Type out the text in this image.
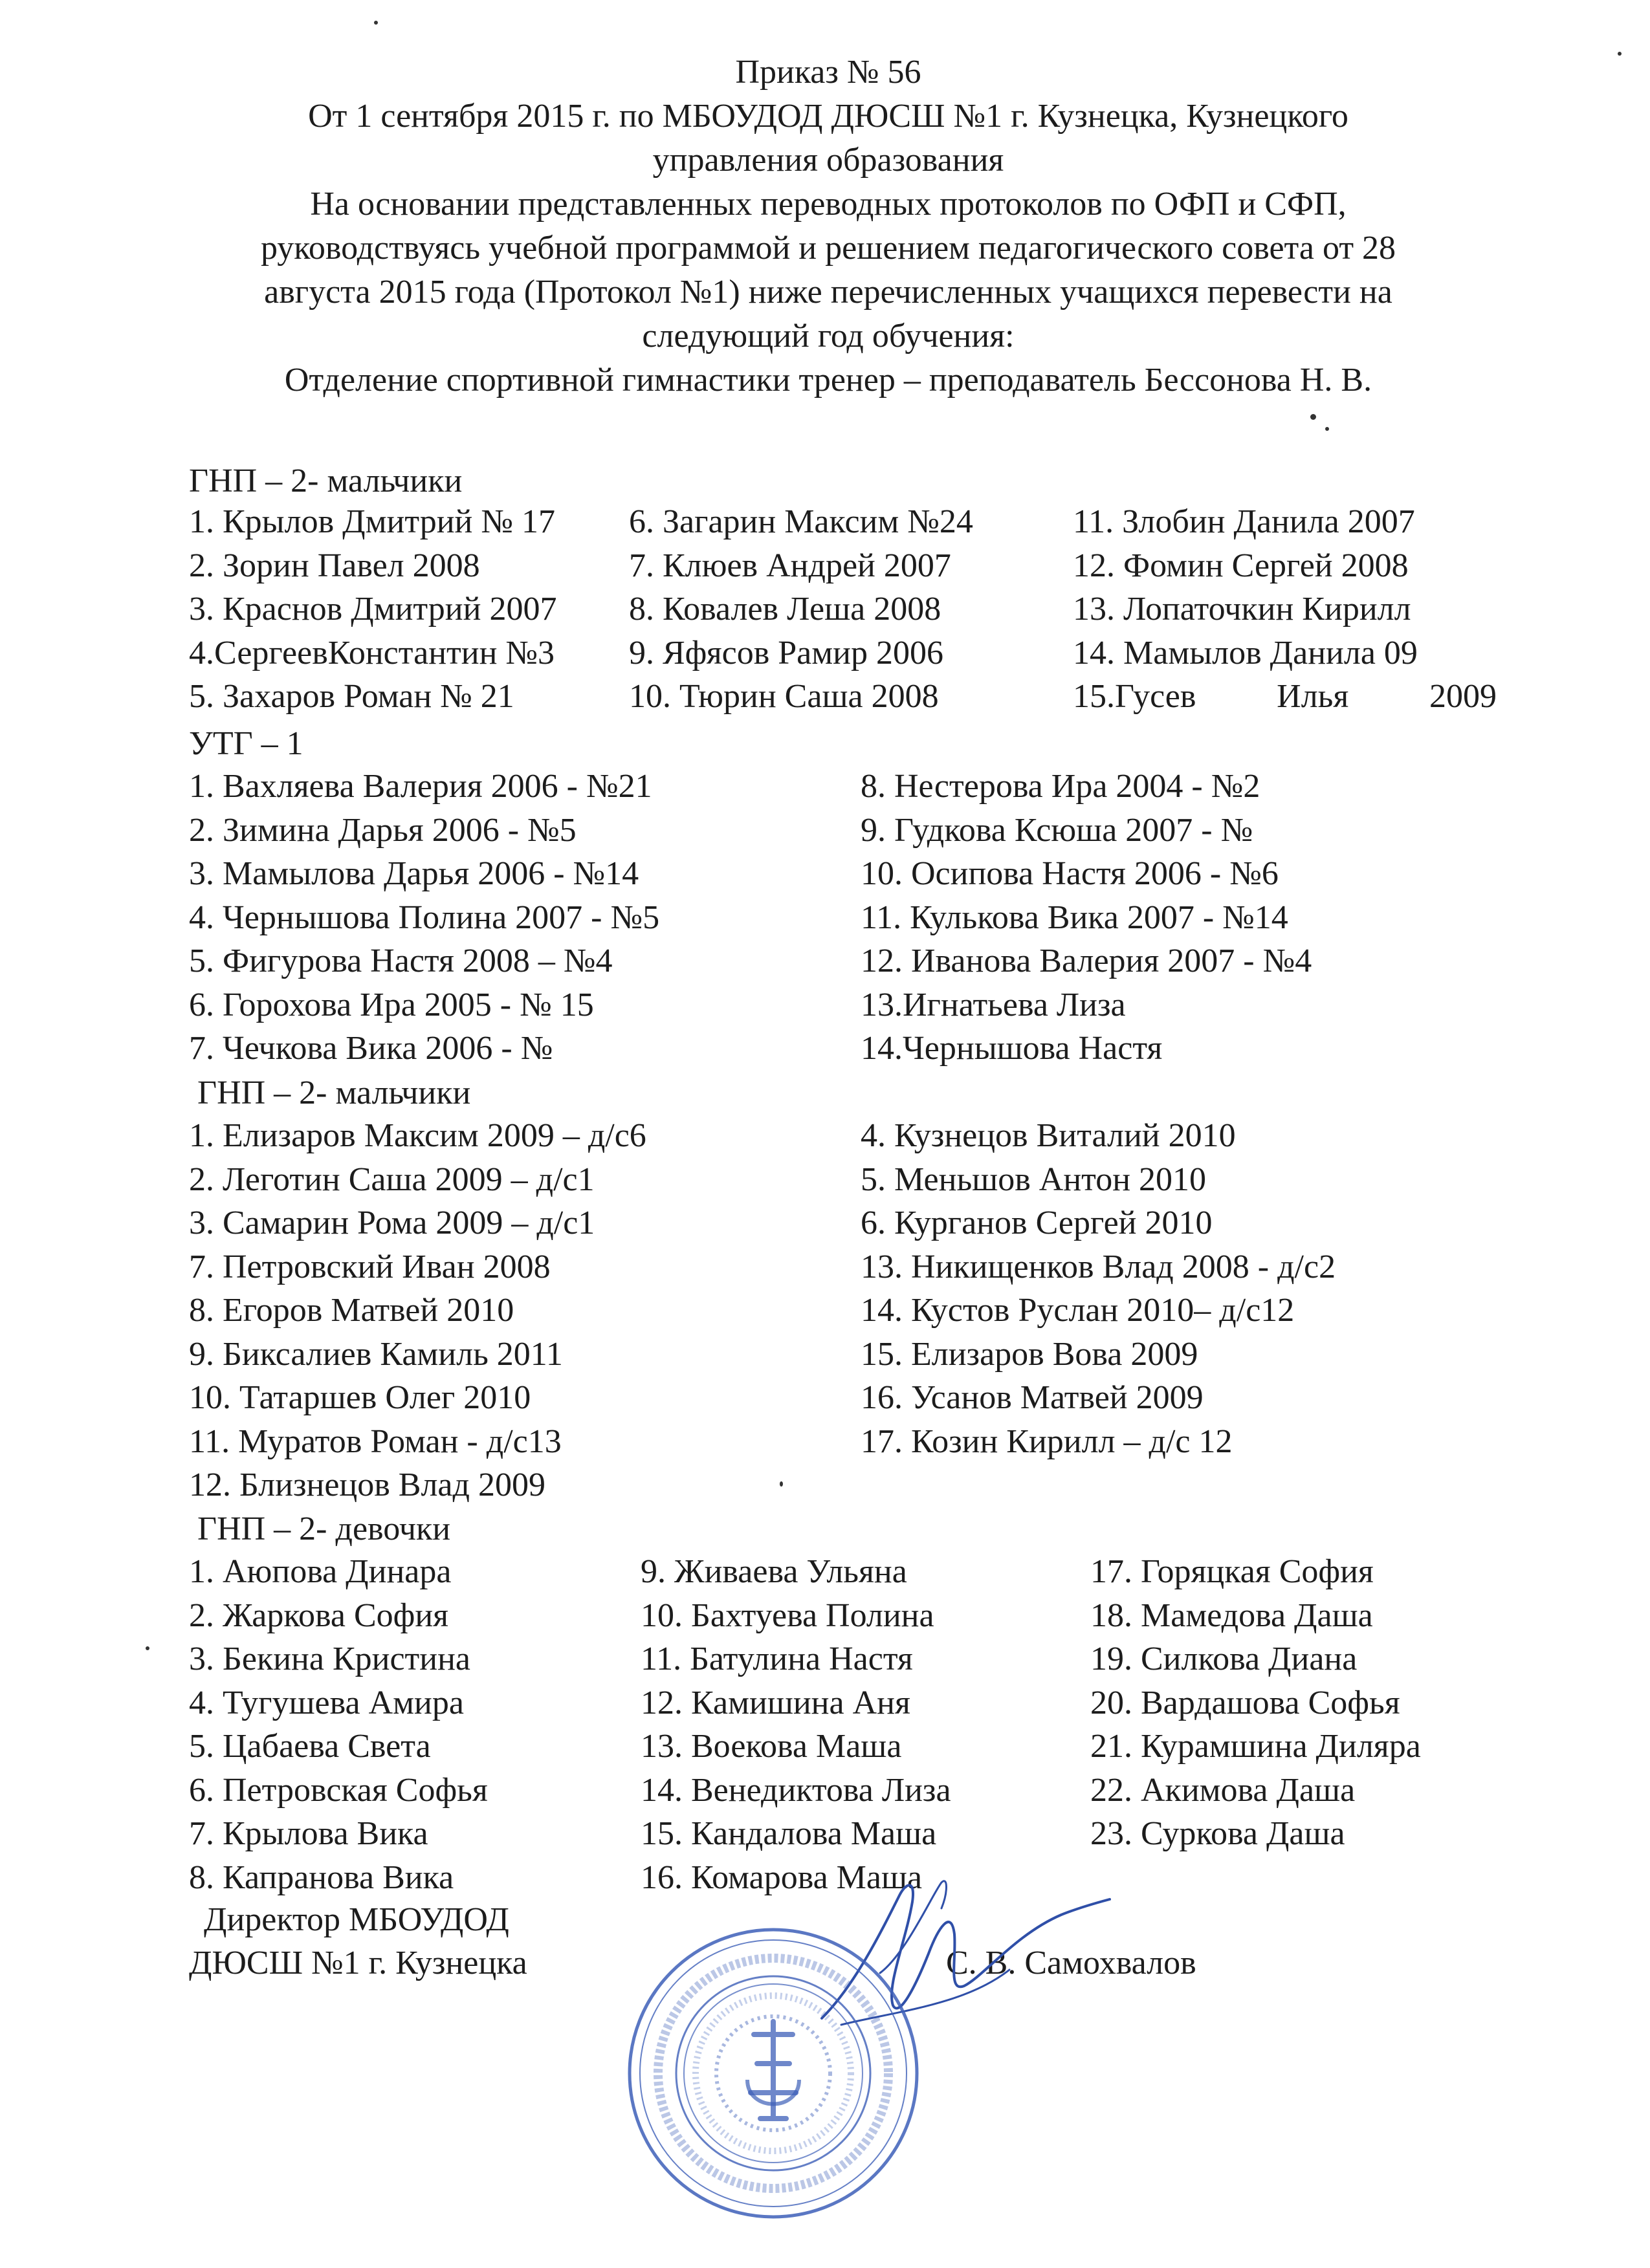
Приказ № 56
От 1 сентября 2015 г. по МБОУДОД ДЮСШ №1 г. Кузнецка, Кузнецкого
управления образования
На основании представленных переводных протоколов по ОФП и СФП,
руководствуясь учебной программой и решением педагогического совета от 28
августа 2015 года (Протокол №1) ниже перечисленных учащихся перевести на
следующий год обучения:
Отделение спортивной гимнастики тренер – преподаватель Бессонова Н. В.
ГНП – 2- мальчики
1. Крылов Дмитрий № 17
2. Зорин Павел 2008
3. Краснов Дмитрий 2007
4.СергеевКонстантин №3
5. Захаров Роман № 21
6. Загарин Максим №24
7. Клюев Андрей 2007
8. Ковалев Леша 2008
9. Яфясов Рамир 2006
10. Тюрин Саша 2008
11. Злобин Данила 2007
12. Фомин Сергей 2008
13. Лопаточкин Кирилл
14. Мамылов Данила 09
15.Гусев Илья 2009
УТГ – 1
1. Вахляева Валерия 2006 - №21
2. Зимина Дарья 2006 - №5
3. Мамылова Дарья 2006 - №14
4. Чернышова Полина 2007 - №5
5. Фигурова Настя 2008 – №4
6. Горохова Ира 2005 - № 15
7. Чечкова Вика 2006 - №
8. Нестерова Ира 2004 - №2
9. Гудкова Ксюша 2007 - №
10. Осипова Настя 2006 - №6
11. Кулькова Вика 2007 - №14
12. Иванова Валерия 2007 - №4
13.Игнатьева Лиза
14.Чернышова Настя
ГНП – 2- мальчики
1. Елизаров Максим 2009 – д/с6
2. Леготин Саша 2009 – д/с1
3. Самарин Рома 2009 – д/с1
7. Петровский Иван 2008
8. Егоров Матвей 2010
9. Биксалиев Камиль 2011
10. Татаршев Олег 2010
11. Муратов Роман - д/с13
12. Близнецов Влад 2009
4. Кузнецов Виталий 2010
5. Меньшов Антон 2010
6. Курганов Сергей 2010
13. Никищенков Влад 2008 - д/с2
14. Кустов Руслан 2010– д/с12
15. Елизаров Вова 2009
16. Усанов Матвей 2009
17. Козин Кирилл – д/с 12
ГНП – 2- девочки
1. Аюпова Динара
2. Жаркова София
3. Бекина Кристина
4. Тугушева Амира
5. Цабаева Света
6. Петровская Софья
7. Крылова Вика
8. Капранова Вика
9. Живаева Ульяна
10. Бахтуева Полина
11. Батулина Настя
12. Камишина Аня
13. Воекова Маша
14. Венедиктова Лиза
15. Кандалова Маша
16. Комарова Маша
17. Горяцкая София
18. Мамедова Даша
19. Силкова Диана
20. Вардашова Софья
21. Курамшина Диляра
22. Акимова Даша
23. Суркова Даша
Директор МБОУДОД
ДЮСШ №1 г. Кузнецка	С. В. Самохвалов
